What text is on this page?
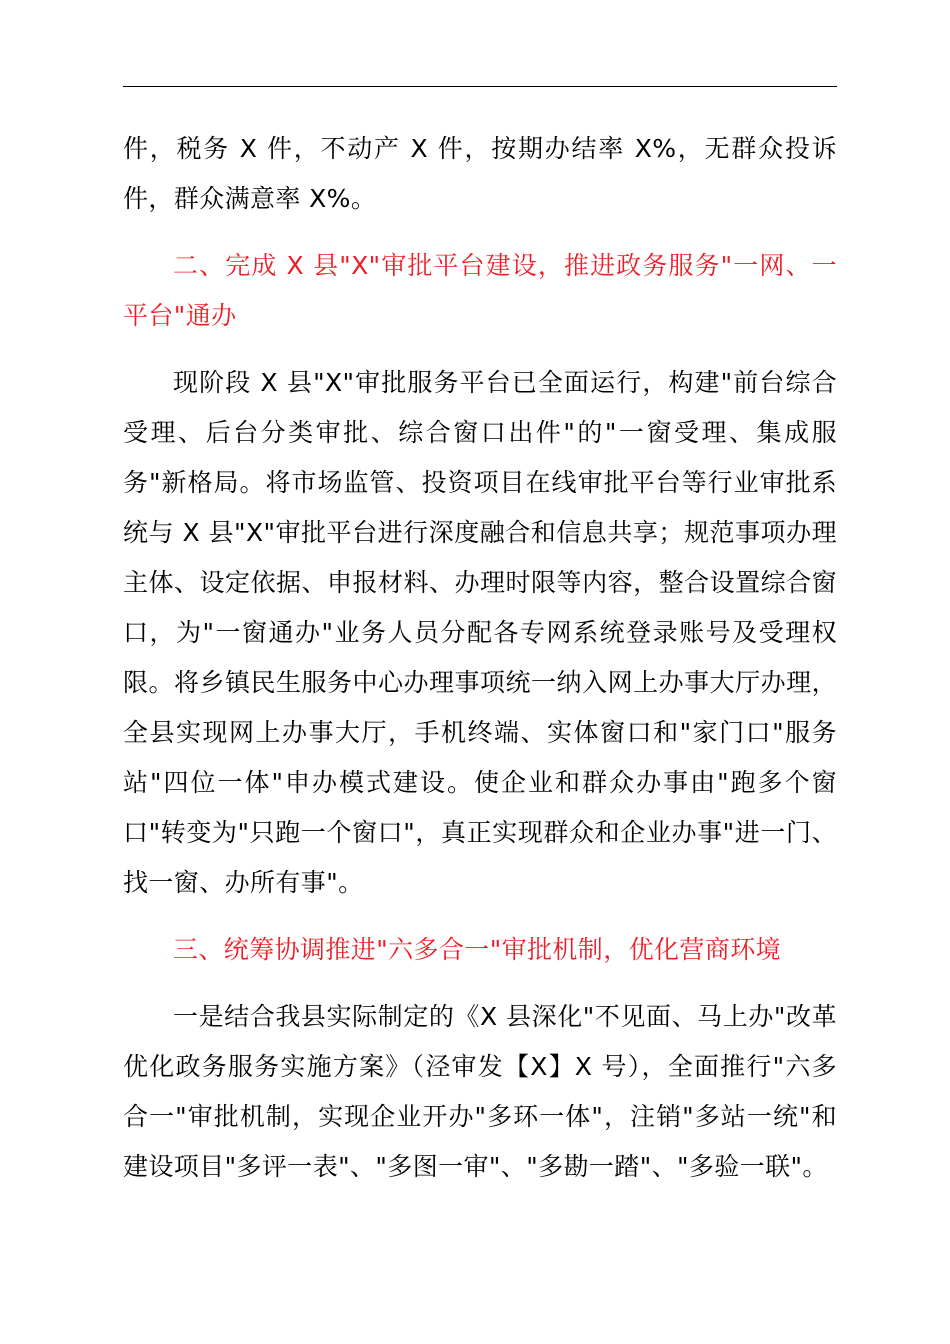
件，税务 X 件，不动产 X 件，按期办结率 X%，无群众投诉件，群众满意率 X%。

二、完成 X 县"X"审批平台建设，推进政务服务"一网、一平台"通办

现阶段 X 县"X"审批服务平台已全面运行，构建"前台综合受理、后台分类审批、综合窗口出件"的"一窗受理、集成服务"新格局。将市场监管、投资项目在线审批平台等行业审批系统与 X 县"X"审批平台进行深度融合和信息共享；规范事项办理主体、设定依据、申报材料、办理时限等内容，整合设置综合窗口，为"一窗通办"业务人员分配各专网系统登录账号及受理权限。将乡镇民生服务中心办理事项统一纳入网上办事大厅办理，全县实现网上办事大厅，手机终端、实体窗口和"家门口"服务站"四位一体"申办模式建设。使企业和群众办事由"跑多个窗口"转变为"只跑一个窗口"，真正实现群众和企业办事"进一门、找一窗、办所有事"。

三、统筹协调推进"六多合一"审批机制，优化营商环境

一是结合我县实际制定的《X 县深化"不见面、马上办"改革优化政务服务实施方案》（泾审发【X】X 号），全面推行"六多合一"审批机制，实现企业开办"多环一体"，注销"多站一统"和建设项目"多评一表"、"多图一审"、"多勘一踏"、"多验一联"。
